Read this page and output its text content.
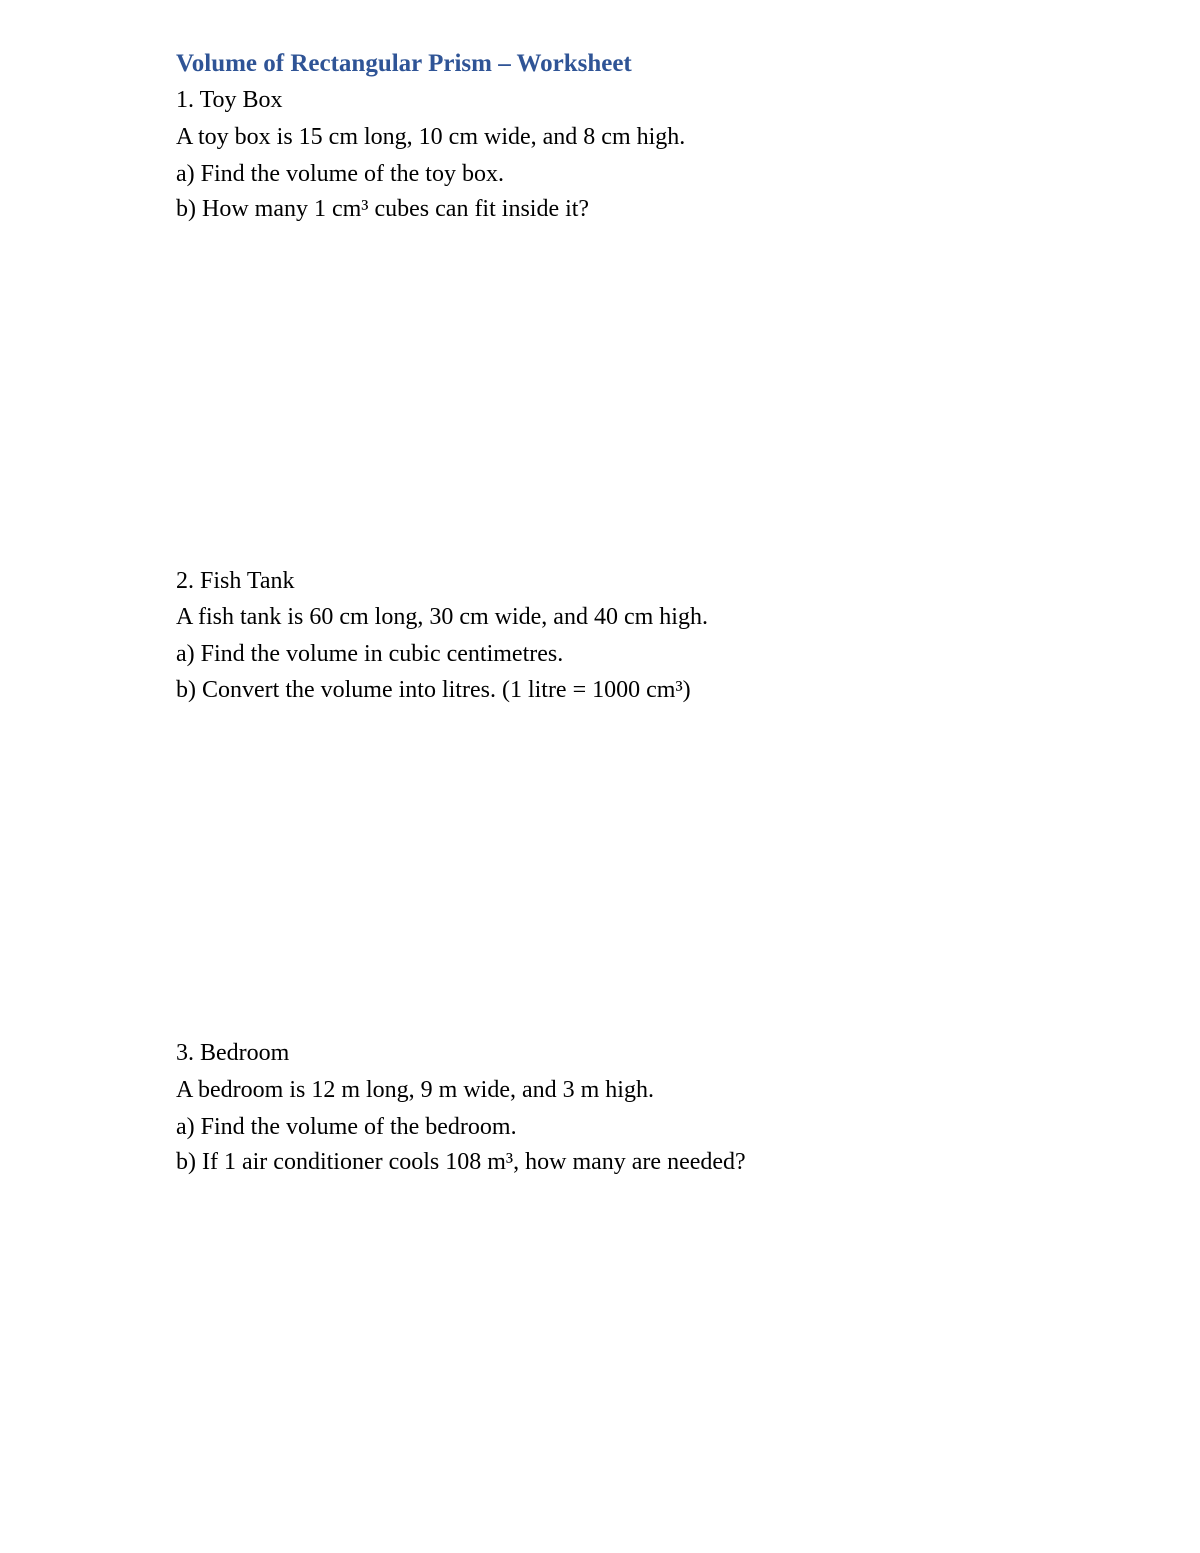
Volume of Rectangular Prism – Worksheet
1. Toy Box
A toy box is 15 cm long, 10 cm wide, and 8 cm high.
a) Find the volume of the toy box.
b) How many 1 cm³ cubes can fit inside it?
2. Fish Tank
A fish tank is 60 cm long, 30 cm wide, and 40 cm high.
a) Find the volume in cubic centimetres.
b) Convert the volume into litres. (1 litre = 1000 cm³)
3. Bedroom
A bedroom is 12 m long, 9 m wide, and 3 m high.
a) Find the volume of the bedroom.
b) If 1 air conditioner cools 108 m³, how many are needed?
